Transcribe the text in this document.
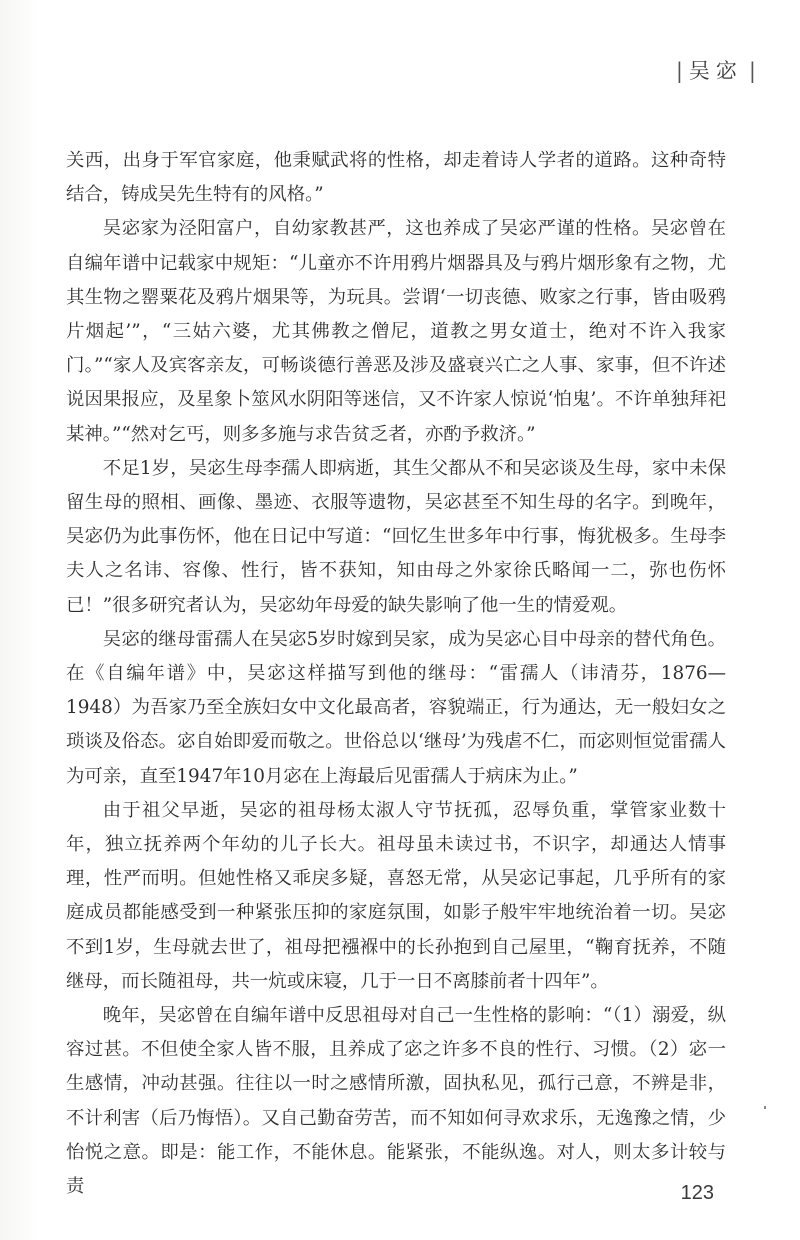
| 吴宓 |

关西，出身于军官家庭，他秉赋武将的性格，却走着诗人学者的道路。这种奇特结合，铸成吴先生特有的风格。”

吴宓家为泾阳富户，自幼家教甚严，这也养成了吴宓严谨的性格。吴宓曾在自编年谱中记载家中规矩：“儿童亦不许用鸦片烟器具及与鸦片烟形象有之物，尤其生物之罂粟花及鸦片烟果等，为玩具。尝谓‘一切丧德、败家之行事，皆由吸鸦片烟起’”，“三姑六婆，尤其佛教之僧尼，道教之男女道士，绝对不许入我家门。”“家人及宾客亲友，可畅谈德行善恶及涉及盛衰兴亡之人事、家事，但不许述说因果报应，及星象卜筮风水阴阳等迷信，又不许家人惊说‘怕鬼’。不许单独拜祀某神。”“然对乞丐，则多多施与求告贫乏者，亦酌予救济。”

不足1岁，吴宓生母李孺人即病逝，其生父都从不和吴宓谈及生母，家中未保留生母的照相、画像、墨迹、衣服等遗物，吴宓甚至不知生母的名字。到晚年，吴宓仍为此事伤怀，他在日记中写道：“回忆生世多年中行事，悔犹极多。生母李夫人之名讳、容像、性行，皆不获知，知由母之外家徐氏略闻一二，弥也伤怀已！”很多研究者认为，吴宓幼年母爱的缺失影响了他一生的情爱观。

吴宓的继母雷孺人在吴宓5岁时嫁到吴家，成为吴宓心目中母亲的替代角色。在《自编年谱》中，吴宓这样描写到他的继母：“雷孺人（讳清芬，1876—1948）为吾家乃至全族妇女中文化最高者，容貌端正，行为通达，无一般妇女之琐谈及俗态。宓自始即爱而敬之。世俗总以‘继母’为残虐不仁，而宓则恒觉雷孺人为可亲，直至1947年10月宓在上海最后见雷孺人于病床为止。”

由于祖父早逝，吴宓的祖母杨太淑人守节抚孤，忍辱负重，掌管家业数十年，独立抚养两个年幼的儿子长大。祖母虽未读过书，不识字，却通达人情事理，性严而明。但她性格又乖戾多疑，喜怒无常，从吴宓记事起，几乎所有的家庭成员都能感受到一种紧张压抑的家庭氛围，如影子般牢牢地统治着一切。吴宓不到1岁，生母就去世了，祖母把襁褓中的长孙抱到自己屋里，“鞠育抚养，不随继母，而长随祖母，共一炕或床寝，几于一日不离膝前者十四年”。

晚年，吴宓曾在自编年谱中反思祖母对自己一生性格的影响：“（1）溺爱，纵容过甚。不但使全家人皆不服，且养成了宓之许多不良的性行、习惯。（2）宓一生感情，冲动甚强。往往以一时之感情所激，固执私见，孤行己意，不辨是非，不计利害（后乃悔悟）。又自己勤奋劳苦，而不知如何寻欢求乐，无逸豫之情，少怡悦之意。即是：能工作，不能休息。能紧张，不能纵逸。对人，则太多计较与责	123
